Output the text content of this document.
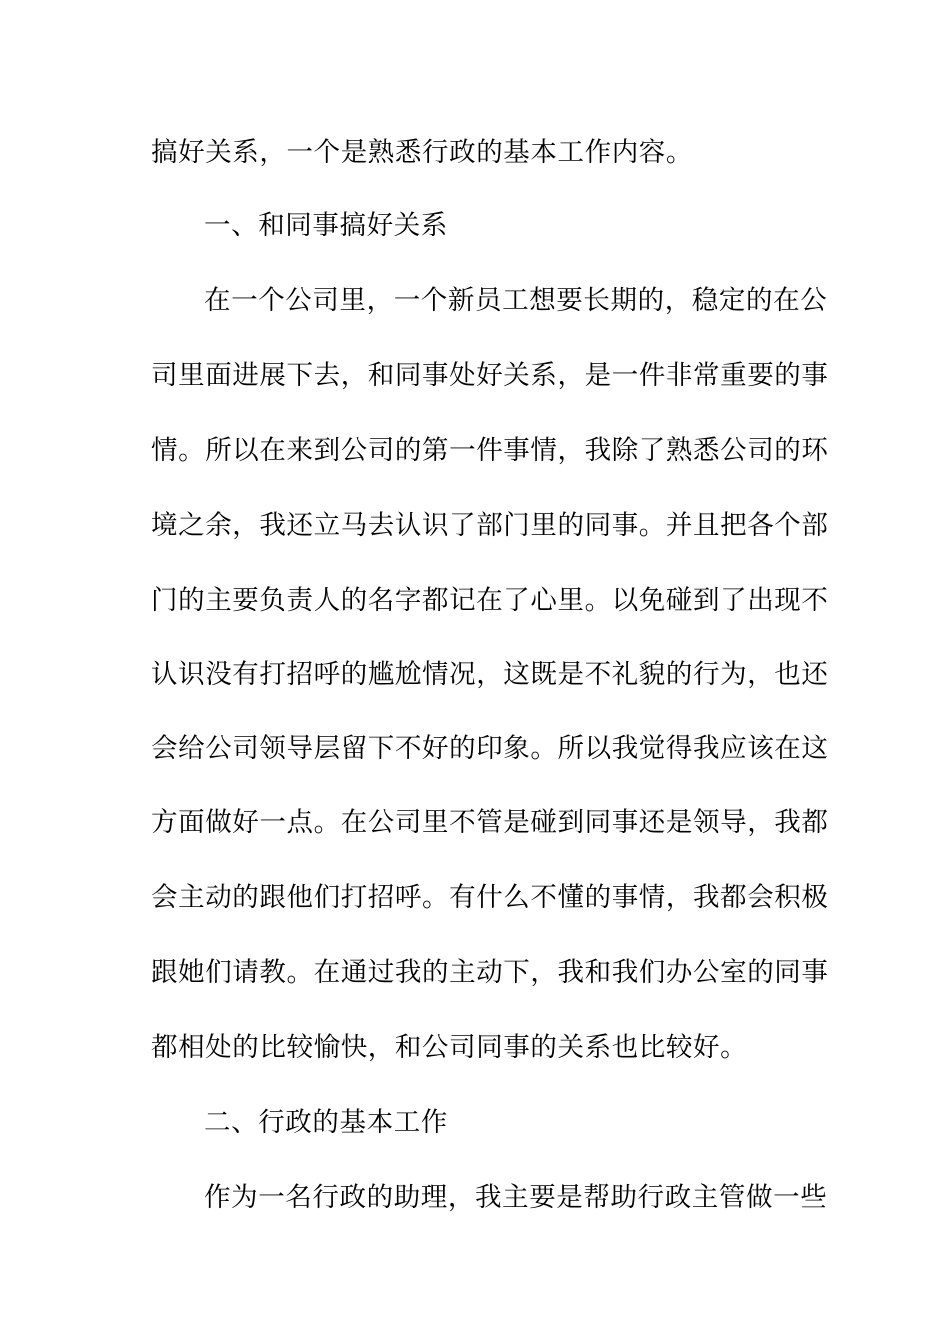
搞好关系，一个是熟悉行政的基本工作内容。
一、和同事搞好关系
在一个公司里，一个新员工想要长期的，稳定的在公
司里面进展下去，和同事处好关系，是一件非常重要的事
情。所以在来到公司的第一件事情，我除了熟悉公司的环
境之余，我还立马去认识了部门里的同事。并且把各个部
门的主要负责人的名字都记在了心里。以免碰到了出现不
认识没有打招呼的尴尬情况，这既是不礼貌的行为，也还
会给公司领导层留下不好的印象。所以我觉得我应该在这
方面做好一点。在公司里不管是碰到同事还是领导，我都
会主动的跟他们打招呼。有什么不懂的事情，我都会积极
跟她们请教。在通过我的主动下，我和我们办公室的同事
都相处的比较愉快，和公司同事的关系也比较好。
二、行政的基本工作
作为一名行政的助理，我主要是帮助行政主管做一些
